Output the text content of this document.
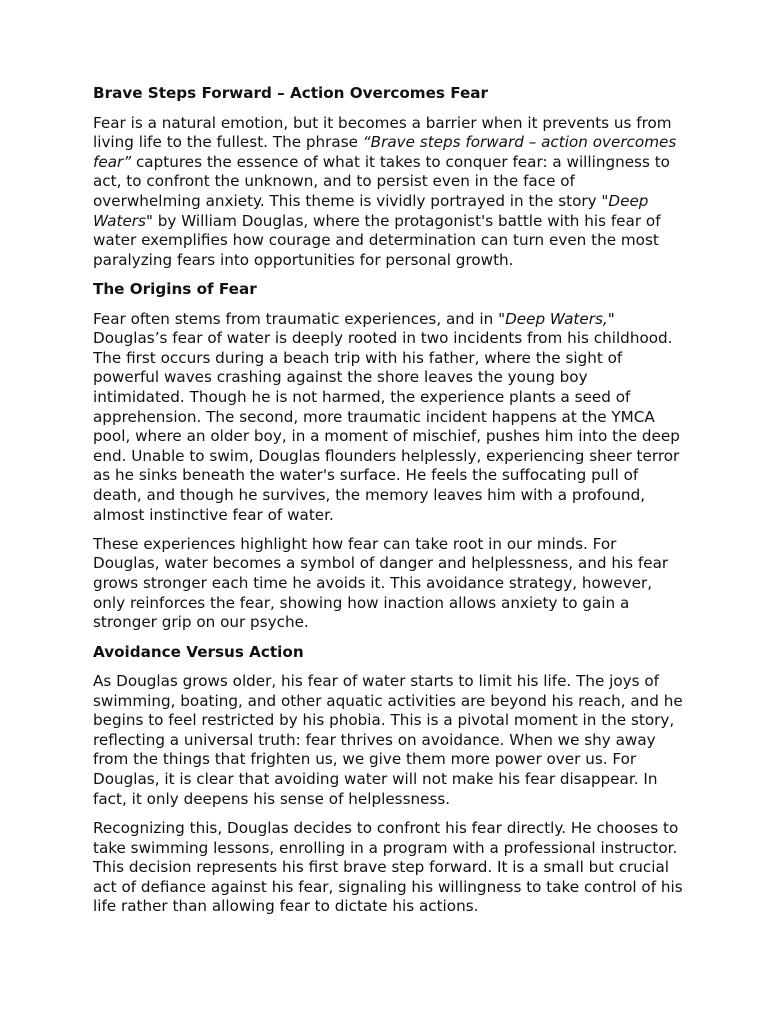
Brave Steps Forward – Action Overcomes Fear

Fear is a natural emotion, but it becomes a barrier when it prevents us from living life to the fullest. The phrase “Brave steps forward – action overcomes fear” captures the essence of what it takes to conquer fear: a willingness to act, to confront the unknown, and to persist even in the face of overwhelming anxiety. This theme is vividly portrayed in the story "Deep Waters" by William Douglas, where the protagonist's battle with his fear of water exemplifies how courage and determination can turn even the most paralyzing fears into opportunities for personal growth.

The Origins of Fear

Fear often stems from traumatic experiences, and in "Deep Waters," Douglas’s fear of water is deeply rooted in two incidents from his childhood. The first occurs during a beach trip with his father, where the sight of powerful waves crashing against the shore leaves the young boy intimidated. Though he is not harmed, the experience plants a seed of apprehension. The second, more traumatic incident happens at the YMCA pool, where an older boy, in a moment of mischief, pushes him into the deep end. Unable to swim, Douglas flounders helplessly, experiencing sheer terror as he sinks beneath the water's surface. He feels the suffocating pull of death, and though he survives, the memory leaves him with a profound, almost instinctive fear of water.

These experiences highlight how fear can take root in our minds. For Douglas, water becomes a symbol of danger and helplessness, and his fear grows stronger each time he avoids it. This avoidance strategy, however, only reinforces the fear, showing how inaction allows anxiety to gain a stronger grip on our psyche.

Avoidance Versus Action

As Douglas grows older, his fear of water starts to limit his life. The joys of swimming, boating, and other aquatic activities are beyond his reach, and he begins to feel restricted by his phobia. This is a pivotal moment in the story, reflecting a universal truth: fear thrives on avoidance. When we shy away from the things that frighten us, we give them more power over us. For Douglas, it is clear that avoiding water will not make his fear disappear. In fact, it only deepens his sense of helplessness.

Recognizing this, Douglas decides to confront his fear directly. He chooses to take swimming lessons, enrolling in a program with a professional instructor. This decision represents his first brave step forward. It is a small but crucial act of defiance against his fear, signaling his willingness to take control of his life rather than allowing fear to dictate his actions.
